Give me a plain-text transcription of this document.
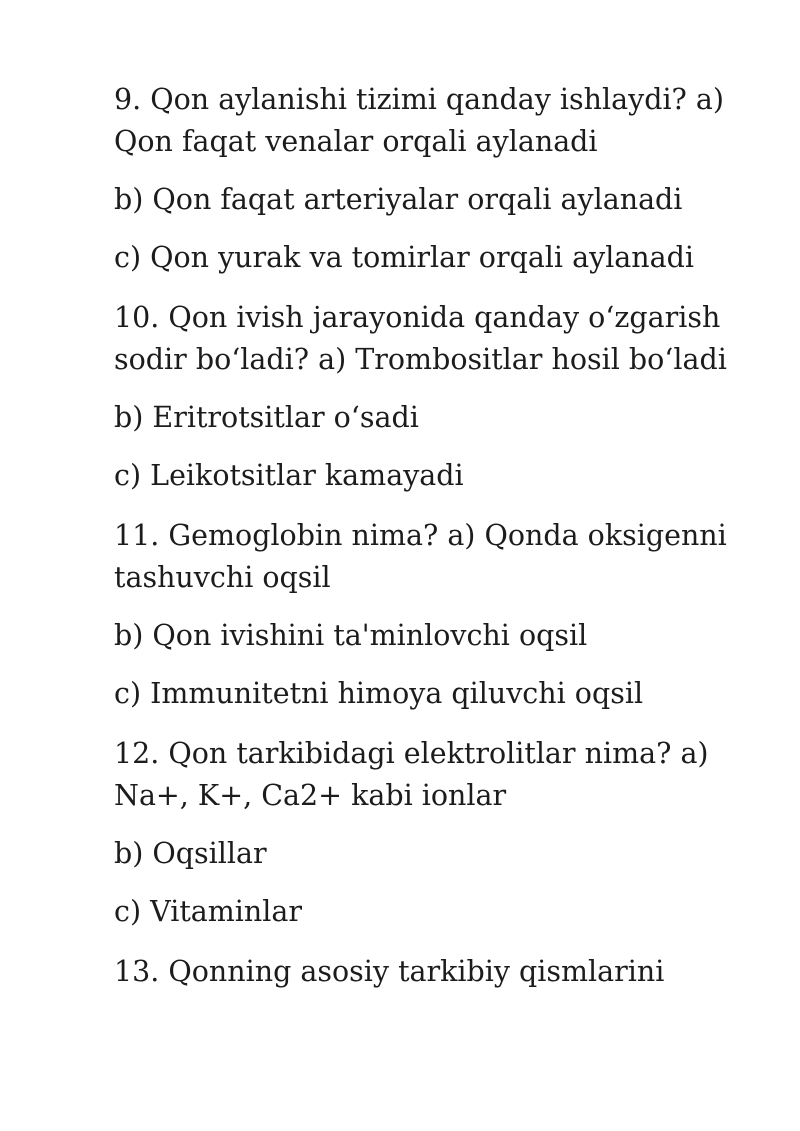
9. Qon aylanishi tizimi qanday ishlaydi? a) Qon faqat venalar orqali aylanadi

b) Qon faqat arteriyalar orqali aylanadi

c) Qon yurak va tomirlar orqali aylanadi

10. Qon ivish jarayonida qanday o‘zgarish sodir bo‘ladi? a) Trombositlar hosil bo‘ladi

b) Eritrotsitlar o‘sadi

c) Leikotsitlar kamayadi

11. Gemoglobin nima? a) Qonda oksigenni tashuvchi oqsil

b) Qon ivishini ta'minlovchi oqsil

c) Immunitetni himoya qiluvchi oqsil

12. Qon tarkibidagi elektrolitlar nima? a) Na+, K+, Ca2+ kabi ionlar

b) Oqsillar

c) Vitaminlar

13. Qonning asosiy tarkibiy qismlarini
